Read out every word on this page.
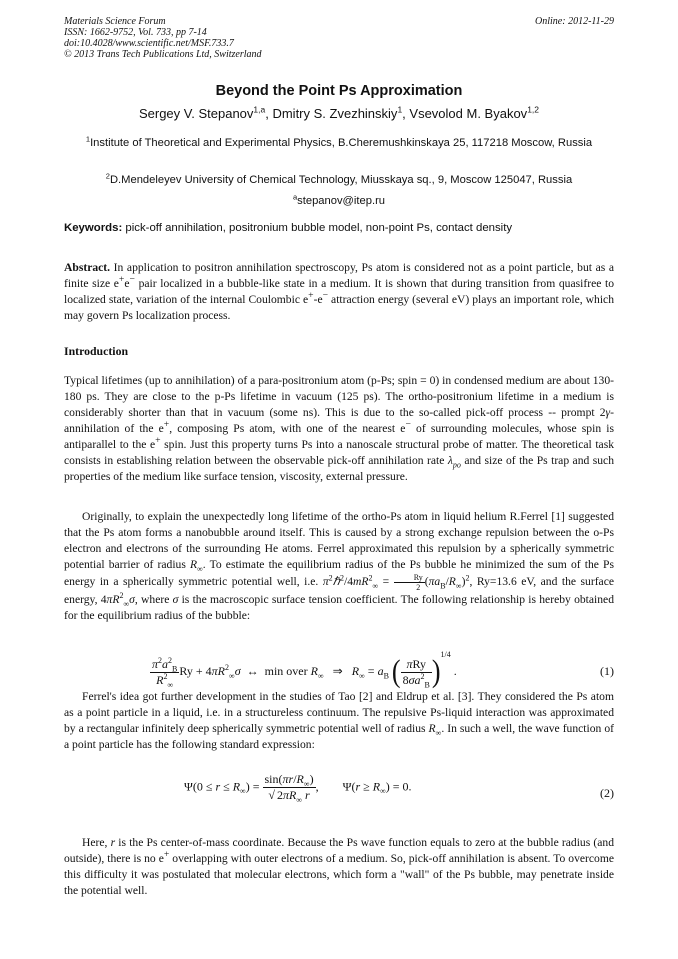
Materials Science Forum
ISSN: 1662-9752, Vol. 733, pp 7-14
doi:10.4028/www.scientific.net/MSF.733.7
© 2013 Trans Tech Publications Ltd, Switzerland
Online: 2012-11-29
Beyond the Point Ps Approximation
Sergey V. Stepanov$^{1,a}$, Dmitry S. Zvezhinskiy$^1$, Vsevolod M. Byakov$^{1,2}$
$^1$Institute of Theoretical and Experimental Physics, B.Cheremushkinskaya 25, 117218 Moscow, Russia
$^2$D.Mendeleyev University of Chemical Technology, Miusskaya sq., 9, Moscow 125047, Russia
$^a$stepanov@itep.ru
Keywords: pick-off annihilation, positronium bubble model, non-point Ps, contact density
Abstract. In application to positron annihilation spectroscopy, Ps atom is considered not as a point particle, but as a finite size e+e− pair localized in a bubble-like state in a medium. It is shown that during transition from quasifree to localized state, variation of the internal Coulombic e+-e− attraction energy (several eV) plays an important role, which may govern Ps localization process.
Introduction
Typical lifetimes (up to annihilation) of a para-positronium atom (p-Ps; spin = 0) in condensed medium are about 130-180 ps. They are close to the p-Ps lifetime in vacuum (125 ps). The ortho-positronium lifetime in a medium is considerably shorter than that in vacuum (some ns). This is due to the so-called pick-off process -- prompt 2γ-annihilation of the e+, composing Ps atom, with one of the nearest e− of surrounding molecules, whose spin is antiparallel to the e+ spin. Just this property turns Ps into a nanoscale structural probe of matter. The theoretical task consists in establishing relation between the observable pick-off annihilation rate $\lambda_{po}$ and size of the Ps trap and such properties of the medium like surface tension, viscosity, external pressure.
Originally, to explain the unexpectedly long lifetime of the ortho-Ps atom in liquid helium R.Ferrel [1] suggested that the Ps atom forms a nanobubble around itself. This is caused by a strong exchange repulsion between the o-Ps electron and electrons of the surrounding He atoms. Ferrel approximated this repulsion by a spherically symmetric potential barrier of radius $R_\infty$. To estimate the equilibrium radius of the Ps bubble he minimized the sum of the Ps energy in a spherically symmetric potential well, i.e. $\pi^2\hbar^2/4mR^2_\infty = \frac{Ry}{2} (\pi a_B/R_\infty)^2$, Ry=13.6 eV, and the surface energy, $4\pi R^2_\infty\sigma$, where σ is the macroscopic surface tension coefficient. The following relationship is hereby obtained for the equilibrium radius of the bubble:
$\frac{\pi^2a^2_B}{R^2_\infty}$ $Ry + 4\pi R^2_\infty\sigma$  ↔  min over $R_\infty$   ⇒   $R_\infty = a_B$ ( $\frac{\text{πRy}}{8\sigma a^2_B} )^{1/4}$ .	(1)
Ferrel's idea got further development in the studies of Tao [2] and Eldrup et al. [3]. They considered the Ps atom as a point particle in a liquid, i.e. in a structureless continuum. The repulsive Ps-liquid interaction was approximated by a rectangular infinitely deep spherically symmetric potential well of radius $R_\infty$. In such a well, the wave function of a point particle has the following standard expression:
$\Psi(0 \le r \le R_\infty) = \frac{\sin(\pi r/R_\infty)}{√ 2\pi R_\infty r}$ ,        $\Psi(r \ge R_\infty) = 0$.	(2)
Here, r is the Ps center-of-mass coordinate. Because the Ps wave function equals to zero at the bubble radius (and outside), there is no e+ overlapping with outer electrons of a medium. So, pick-off annihilation is absent. To overcome this difficulty it was postulated that molecular electrons, which form a "wall" of the Ps bubble, may penetrate inside the potential well.
